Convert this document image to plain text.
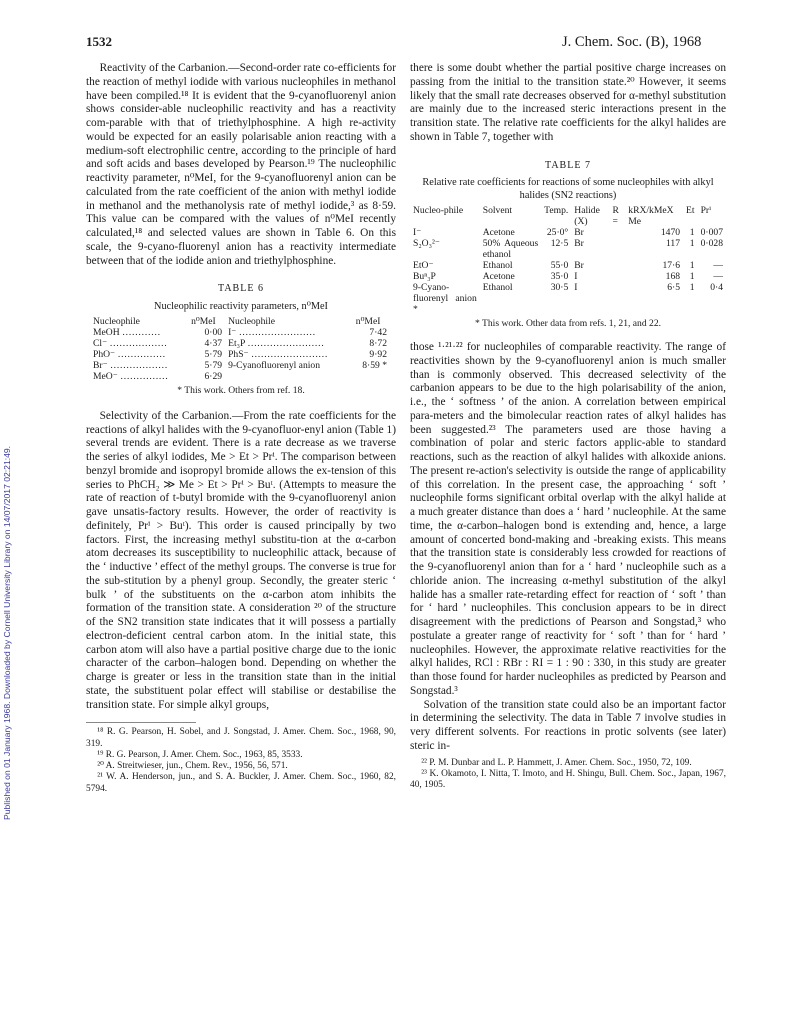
Published on 01 January 1968. Downloaded by Cornell University Library on 14/07/2017 02:21:49.
1532	J. Chem. Soc. (B), 1968

Reactivity of the Carbanion.—Second-order rate co-efficients for the reaction of methyl iodide with various nucleophiles in methanol have been compiled.¹⁸ It is evident that the 9-cyanofluorenyl anion shows consider-able nucleophilic reactivity and has a reactivity com-parable with that of triethylphosphine. A high re-activity would be expected for an easily polarisable anion reacting with a medium-soft electrophilic centre, according to the principle of hard and soft acids and bases developed by Pearson.¹⁹ The nucleophilic reactivity parameter, n⁰MeI, for the 9-cyanofluorenyl anion can be calculated from the rate coefficient of the anion with methyl iodide in methanol and the methanolysis rate of methyl iodide,³ as 8·59. This value can be compared with the values of n⁰MeI recently calculated,¹⁸ and selected values are shown in Table 6. On this scale, the 9-cyano-fluorenyl anion has a reactivity intermediate between that of the iodide anion and triethylphosphine.

TABLE 6
Nucleophilic reactivity parameters, n⁰MeI
Nucleophile	n⁰MeI	Nucleophile	n⁰MeI
MeOH …………	0·00	I⁻ ……………………	7·42
Cl⁻ ………………	4·37	Et₃P ……………………	8·72
PhO⁻ ……………	5·79	PhS⁻ ……………………	9·92
Br⁻ ………………	5·79	9-Cyanofluorenyl anion	8·59 *
MeO⁻ ……………	6·29		
* This work. Others from ref. 18.

Selectivity of the Carbanion.—From the rate coefficients for the reactions of alkyl halides with the 9-cyanofluor-enyl anion (Table 1) several trends are evident. There is a rate decrease as we traverse the series of alkyl iodides, Me > Et > Prⁱ. The comparison between benzyl bromide and isopropyl bromide allows the ex-tension of this series to PhCH₂ ≫ Me > Et > Prⁱ > Buᵗ. (Attempts to measure the rate of reaction of t-butyl bromide with the 9-cyanofluorenyl anion gave unsatis-factory results. However, the order of reactivity is definitely, Prⁱ > Buᵗ). This order is caused principally by two factors. First, the increasing methyl substitu-tion at the α-carbon atom decreases its susceptibility to nucleophilic attack, because of the ‘ inductive ’ effect of the methyl groups. The converse is true for the sub-stitution by a phenyl group. Secondly, the greater steric ‘ bulk ’ of the substituents on the α-carbon atom inhibits the formation of the transition state. A consideration ²⁰ of the structure of the SN2 transition state indicates that it will possess a partially electron-deficient central carbon atom. In the initial state, this carbon atom will also have a partial positive charge due to the ionic character of the carbon–halogen bond. Depending on whether the charge is greater or less in the transition state than in the initial state, the substituent polar effect will stabilise or destabilise the transition state. For simple alkyl groups,

¹⁸ R. G. Pearson, H. Sobel, and J. Songstad, J. Amer. Chem. Soc., 1968, 90, 319.

¹⁹ R. G. Pearson, J. Amer. Chem. Soc., 1963, 85, 3533.

²⁰ A. Streitwieser, jun., Chem. Rev., 1956, 56, 571.

²¹ W. A. Henderson, jun., and S. A. Buckler, J. Amer. Chem. Soc., 1960, 82, 5794.

there is some doubt whether the partial positive charge increases on passing from the initial to the transition state.²⁰ However, it seems likely that the small rate decreases observed for α-methyl substitution are mainly due to the increased steric interactions present in the transition state. The relative rate coefficients for the alkyl halides are shown in Table 7, together with

TABLE 7
Relative rate coefficients for reactions of some nucleophiles with alkyl halides (SN2 reactions)
Nucleo-phile	Solvent	Temp.	Halide (X)	R =	kRX/kMeX Me	Et	Prⁱ
I⁻	Acetone	25·0°	Br		1470	1	0·007
S₂O₃²⁻	50% Aqueous ethanol	12·5	Br		117	1	0·028
EtO⁻	Ethanol	55·0	Br		17·6	1	—
Buⁿ₃P	Acetone	35·0	I		168	1	—
9-Cyano-fluorenyl anion *	Ethanol	30·5	I		6·5	1	0·4
* This work. Other data from refs. 1, 21, and 22.

those ¹·²¹·²² for nucleophiles of comparable reactivity. The range of reactivities shown by the 9-cyanofluorenyl anion is much smaller than is commonly observed. This decreased selectivity of the carbanion appears to be due to the high polarisability of the anion, i.e., the ‘ softness ’ of the anion. A correlation between empirical para-meters and the bimolecular reaction rates of alkyl halides has been suggested.²³ The parameters used are those having a combination of polar and steric factors applic-able to standard reactions, such as the reaction of alkyl halides with alkoxide anions. The present re-action's selectivity is outside the range of applicability of this correlation. In the present case, the approaching ‘ soft ’ nucleophile forms significant orbital overlap with the alkyl halide at a much greater distance than does a ‘ hard ’ nucleophile. At the same time, the α-carbon–halogen bond is extending and, hence, a large amount of concerted bond-making and -breaking exists. This means that the transition state is considerably less crowded for reactions of the 9-cyanofluorenyl anion than for a ‘ hard ’ nucleophile such as a chloride anion. The increasing α-methyl substitution of the alkyl halide has a smaller rate-retarding effect for reaction of ‘ soft ’ than for ‘ hard ’ nucleophiles. This conclusion appears to be in direct disagreement with the predictions of Pearson and Songstad,³ who postulate a greater range of reactivity for ‘ soft ’ than for ‘ hard ’ nucleophiles. However, the approximate relative reactivities for the alkyl halides, RCl : RBr : RI = 1 : 90 : 330, in this study are greater than those found for harder nucleophiles as predicted by Pearson and Songstad.³

Solvation of the transition state could also be an important factor in determining the selectivity. The data in Table 7 involve studies in very different solvents. For reactions in protic solvents (see later) steric in-

²² P. M. Dunbar and L. P. Hammett, J. Amer. Chem. Soc., 1950, 72, 109.

²³ K. Okamoto, I. Nitta, T. Imoto, and H. Shingu, Bull. Chem. Soc., Japan, 1967, 40, 1905.
